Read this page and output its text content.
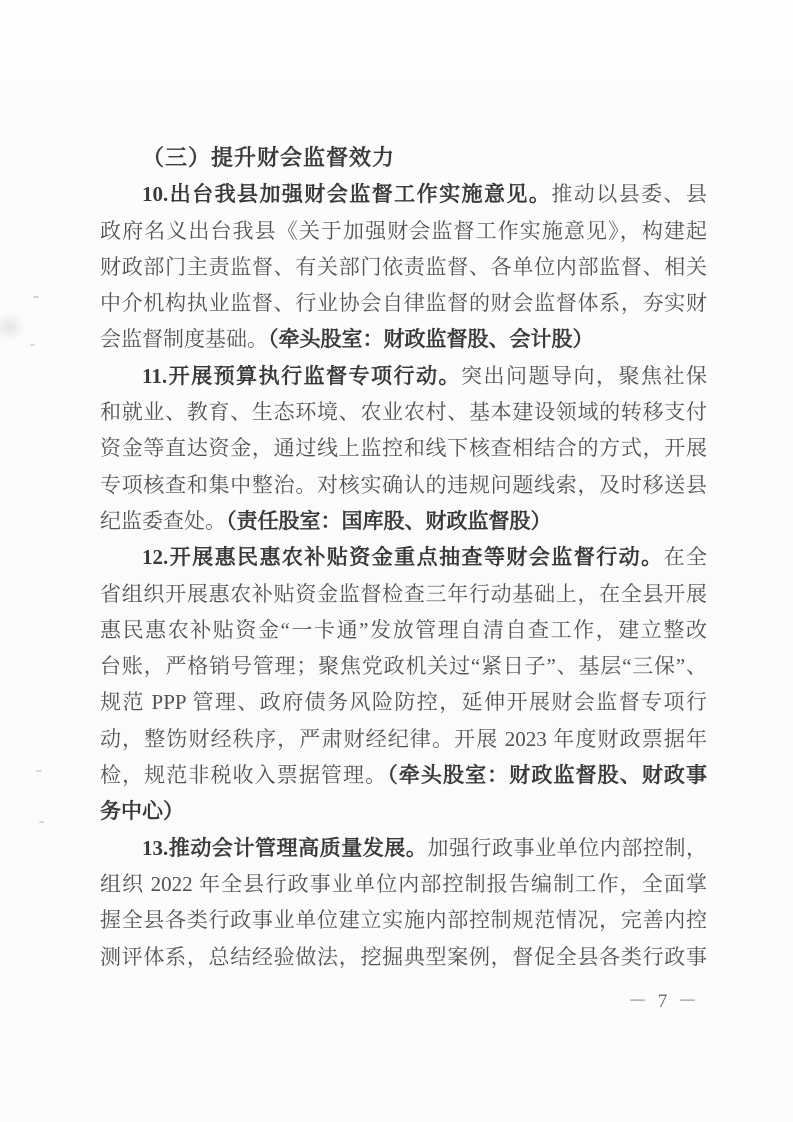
（三）提升财会监督效力
10.出台我县加强财会监督工作实施意见。推动以县委、县
政府名义出台我县《关于加强财会监督工作实施意见》，构建起
财政部门主责监督、有关部门依责监督、各单位内部监督、相关
中介机构执业监督、行业协会自律监督的财会监督体系，夯实财
会监督制度基础。（牵头股室：财政监督股、会计股）
11.开展预算执行监督专项行动。突出问题导向，聚焦社保
和就业、教育、生态环境、农业农村、基本建设领域的转移支付
资金等直达资金，通过线上监控和线下核查相结合的方式，开展
专项核查和集中整治。对核实确认的违规问题线索，及时移送县
纪监委查处。（责任股室：国库股、财政监督股）
12.开展惠民惠农补贴资金重点抽查等财会监督行动。在全
省组织开展惠农补贴资金监督检查三年行动基础上，在全县开展
惠民惠农补贴资金“一卡通”发放管理自清自查工作，建立整改
台账，严格销号管理；聚焦党政机关过“紧日子”、基层“三保”、
规范 PPP 管理、政府债务风险防控，延伸开展财会监督专项行
动，整饬财经秩序，严肃财经纪律。开展 2023 年度财政票据年
检，规范非税收入票据管理。（牵头股室：财政监督股、财政事
务中心）
13.推动会计管理高质量发展。加强行政事业单位内部控制，
组织 2022 年全县行政事业单位内部控制报告编制工作，全面掌
握全县各类行政事业单位建立实施内部控制规范情况，完善内控
测评体系，总结经验做法，挖掘典型案例，督促全县各类行政事
－ 7 －
